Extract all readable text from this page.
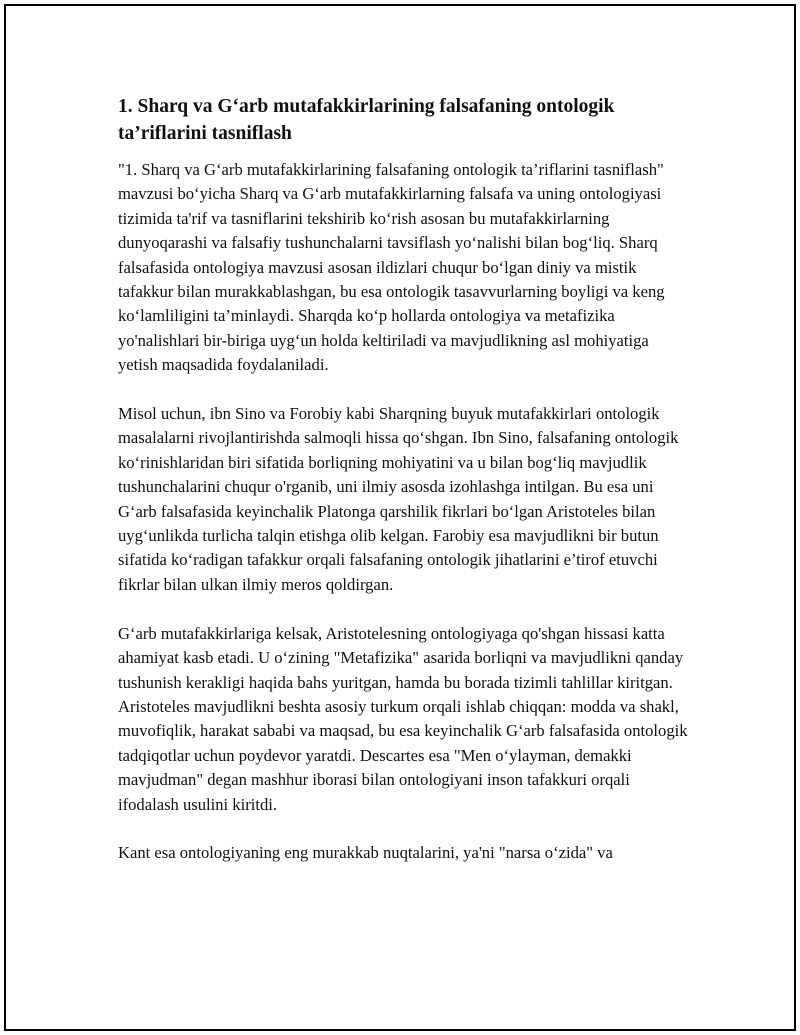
1. Sharq va G‘arb mutafakkirlarining falsafaning ontologik ta’riflarini tasniflash

"1. Sharq va G‘arb mutafakkirlarining falsafaning ontologik ta’riflarini tasniflash" mavzusi bo‘yicha Sharq va G‘arb mutafakkirlarning falsafa va uning ontologiyasi tizimida ta'rif va tasniflarini tekshirib ko‘rish asosan bu mutafakkirlarning dunyoqarashi va falsafiy tushunchalarni tavsiflash yo‘nalishi bilan bog‘liq. Sharq falsafasida ontologiya mavzusi asosan ildizlari chuqur bo‘lgan diniy va mistik tafakkur bilan murakkablashgan, bu esa ontologik tasavvurlarning boyligi va keng ko‘lamliligini ta’minlaydi. Sharqda ko‘p hollarda ontologiya va metafizika yo'nalishlari bir-biriga uyg‘un holda keltiriladi va mavjudlikning asl mohiyatiga yetish maqsadida foydalaniladi.

Misol uchun, ibn Sino va Forobiy kabi Sharqning buyuk mutafakkirlari ontologik masalalarni rivojlantirishda salmoqli hissa qo‘shgan. Ibn Sino, falsafaning ontologik ko‘rinishlaridan biri sifatida borliqning mohiyatini va u bilan bog‘liq mavjudlik tushunchalarini chuqur o'rganib, uni ilmiy asosda izohlashga intilgan. Bu esa uni G‘arb falsafasida keyinchalik Platonga qarshilik fikrlari bo‘lgan Aristoteles bilan uyg‘unlikda turlicha talqin etishga olib kelgan. Farobiy esa mavjudlikni bir butun sifatida ko‘radigan tafakkur orqali falsafaning ontologik jihatlarini e’tirof etuvchi fikrlar bilan ulkan ilmiy meros qoldirgan.

G‘arb mutafakkirlariga kelsak, Aristotelesning ontologiyaga qo'shgan hissasi katta ahamiyat kasb etadi. U o‘zining "Metafizika" asarida borliqni va mavjudlikni qanday tushunish kerakligi haqida bahs yuritgan, hamda bu borada tizimli tahlillar kiritgan. Aristoteles mavjudlikni beshta asosiy turkum orqali ishlab chiqqan: modda va shakl, muvofiqlik, harakat sababi va maqsad, bu esa keyinchalik G‘arb falsafasida ontologik tadqiqotlar uchun poydevor yaratdi. Descartes esa "Men o‘ylayman, demakki mavjudman" degan mashhur iborasi bilan ontologiyani inson tafakkuri orqali ifodalash usulini kiritdi.

Kant esa ontologiyaning eng murakkab nuqtalarini, ya'ni "narsa o‘zida" va
